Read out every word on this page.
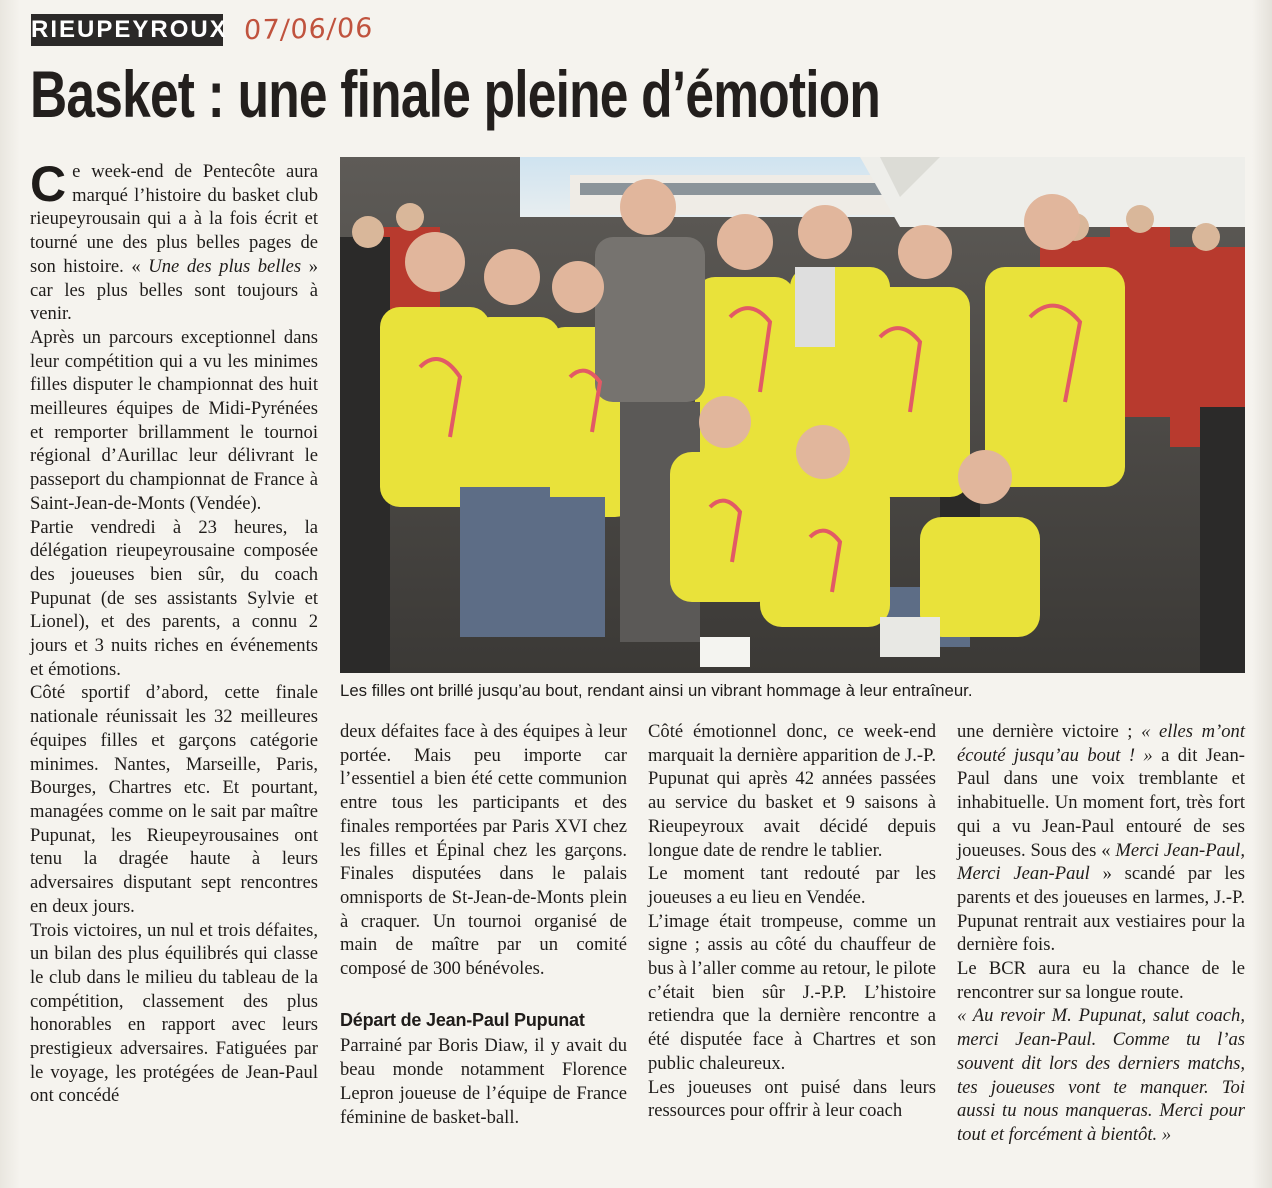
RIEUPEYROUX 07/06/06
Basket : une finale pleine d’émotion

Ce week-end de Pentecôte aura marqué l’histoire du basket club rieupeyrousain qui a à la fois écrit et tourné une des plus belles pages de son histoire. « Une des plus belles » car les plus belles sont toujours à venir.

Après un parcours exceptionnel dans leur compétition qui a vu les minimes filles disputer le championnat des huit meilleures équipes de Midi-Pyrénées et remporter brillamment le tournoi régional d’Aurillac leur délivrant le passeport du championnat de France à Saint-Jean-de-Monts (Vendée).

Partie vendredi à 23 heures, la délégation rieupeyrousaine composée des joueuses bien sûr, du coach Pupunat (de ses assistants Sylvie et Lionel), et des parents, a connu 2 jours et 3 nuits riches en événements et émotions.

Côté sportif d’abord, cette finale nationale réunissait les 32 meilleures équipes filles et garçons catégorie minimes. Nantes, Marseille, Paris, Bourges, Chartres etc. Et pourtant, managées comme on le sait par maître Pupunat, les Rieupeyrousaines ont tenu la dragée haute à leurs adversaires disputant sept rencontres en deux jours.

Trois victoires, un nul et trois défaites, un bilan des plus équilibrés qui classe le club dans le milieu du tableau de la compétition, classement des plus honorables en rapport avec leurs prestigieux adversaires. Fatiguées par le voyage, les protégées de Jean-Paul ont concédé

Les filles ont brillé jusqu’au bout, rendant ainsi un vibrant hommage à leur entraîneur.

deux défaites face à des équipes à leur portée. Mais peu importe car l’essentiel a bien été cette communion entre tous les participants et des finales remportées par Paris XVI chez les filles et Épinal chez les garçons. Finales disputées dans le palais omnisports de St-Jean-de-Monts plein à craquer. Un tournoi organisé de main de maître par un comité composé de 300 bénévoles.

Départ de Jean-Paul Pupunat

Parrainé par Boris Diaw, il y avait du beau monde notamment Florence Lepron joueuse de l’équipe de France féminine de basket-ball.

Côté émotionnel donc, ce week-end marquait la dernière apparition de J.-P. Pupunat qui après 42 années passées au service du basket et 9 saisons à Rieupeyroux avait décidé depuis longue date de rendre le tablier.

Le moment tant redouté par les joueuses a eu lieu en Vendée.

L’image était trompeuse, comme un signe ; assis au côté du chauffeur de bus à l’aller comme au retour, le pilote c’était bien sûr J.-P.P. L’histoire retiendra que la dernière rencontre a été disputée face à Chartres et son public chaleureux.

Les joueuses ont puisé dans leurs ressources pour offrir à leur coach

une dernière victoire ; « elles m’ont écouté jusqu’au bout ! » a dit Jean-Paul dans une voix tremblante et inhabituelle. Un moment fort, très fort qui a vu Jean-Paul entouré de ses joueuses. Sous des « Merci Jean-Paul, Merci Jean-Paul » scandé par les parents et des joueuses en larmes, J.-P. Pupunat rentrait aux vestiaires pour la dernière fois.

Le BCR aura eu la chance de le rencontrer sur sa longue route.

« Au revoir M. Pupunat, salut coach, merci Jean-Paul. Comme tu l’as souvent dit lors des derniers matchs, tes joueuses vont te manquer. Toi aussi tu nous manqueras. Merci pour tout et forcément à bientôt. »
